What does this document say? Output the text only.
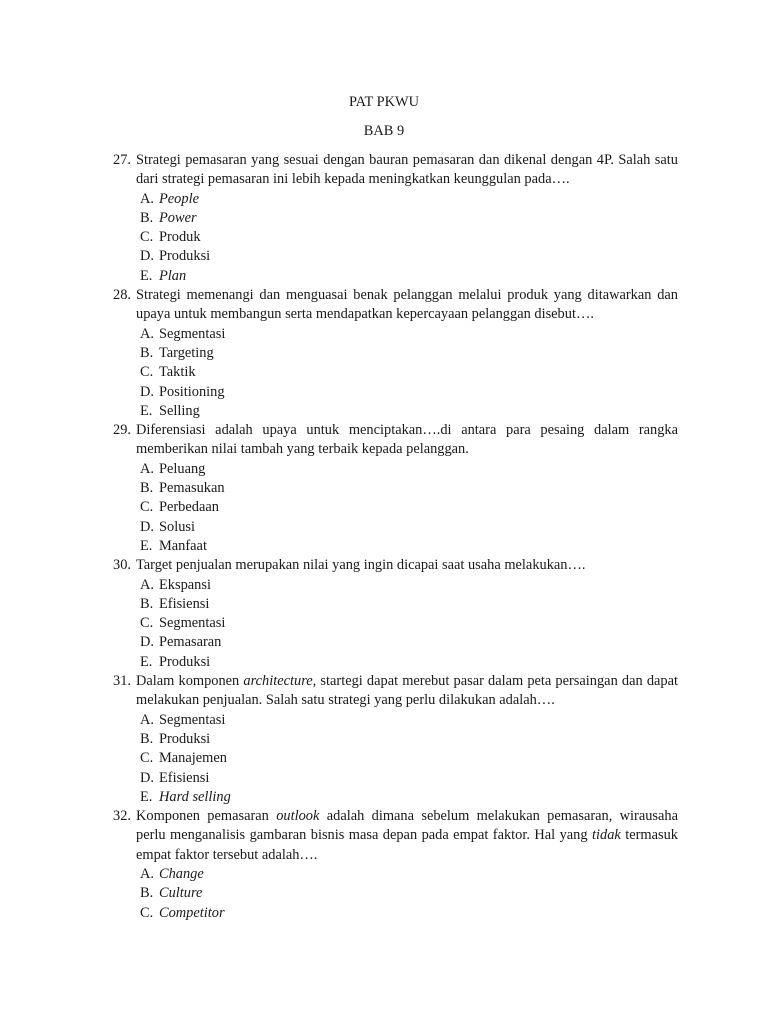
PAT PKWU
BAB 9
27. Strategi pemasaran yang sesuai dengan bauran pemasaran dan dikenal dengan 4P. Salah satu dari strategi pemasaran ini lebih kepada meningkatkan keunggulan pada….
A. People
B. Power
C. Produk
D. Produksi
E. Plan
28. Strategi memenangi dan menguasai benak pelanggan melalui produk yang ditawarkan dan upaya untuk membangun serta mendapatkan kepercayaan pelanggan disebut….
A. Segmentasi
B. Targeting
C. Taktik
D. Positioning
E. Selling
29. Diferensiasi adalah upaya untuk menciptakan….di antara para pesaing dalam rangka memberikan nilai tambah yang terbaik kepada pelanggan.
A. Peluang
B. Pemasukan
C. Perbedaan
D. Solusi
E. Manfaat
30. Target penjualan merupakan nilai yang ingin dicapai saat usaha melakukan….
A. Ekspansi
B. Efisiensi
C. Segmentasi
D. Pemasaran
E. Produksi
31. Dalam komponen architecture, startegi dapat merebut pasar dalam peta persaingan dan dapat melakukan penjualan. Salah satu strategi yang perlu dilakukan adalah….
A. Segmentasi
B. Produksi
C. Manajemen
D. Efisiensi
E. Hard selling
32. Komponen pemasaran outlook adalah dimana sebelum melakukan pemasaran, wirausaha perlu menganalisis gambaran bisnis masa depan pada empat faktor. Hal yang tidak termasuk empat faktor tersebut adalah….
A. Change
B. Culture
C. Competitor
